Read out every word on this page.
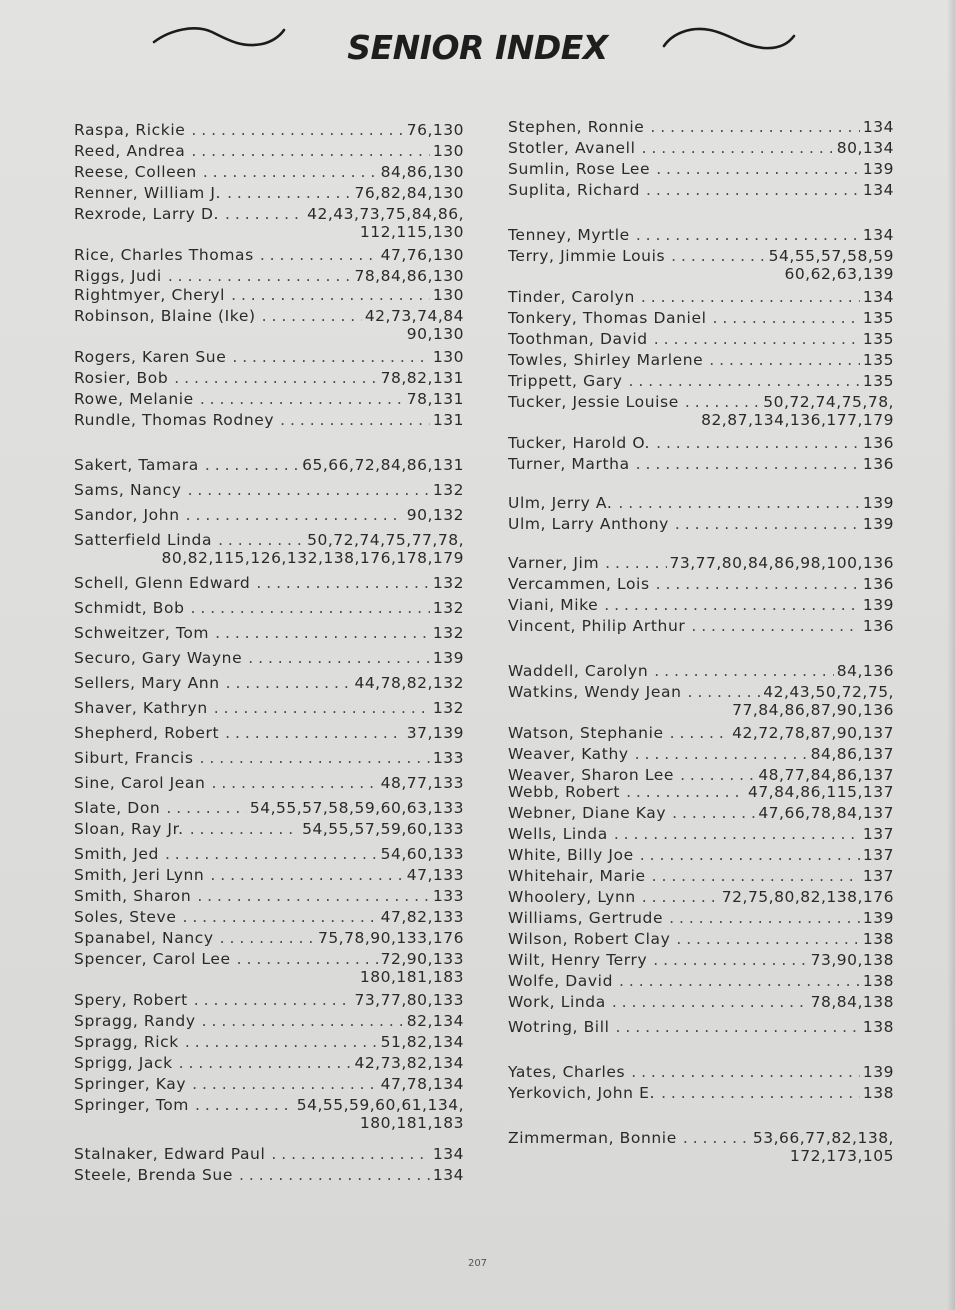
SENIOR INDEX
Raspa, Rickie . . .	76,130
Reed, Andrea . . .	130
Reese, Colleen . . .	84,86,130
Renner, William J. . . .	76,82,84,130
Rexrode, Larry D. . . .	42,43,73,75,84,86,
112,115,130
Rice, Charles Thomas . . .	47,76,130
Riggs, Judi . . .	78,84,86,130
Rightmyer, Cheryl . . .	130
Robinson, Blaine (Ike) . . .	42,73,74,84
90,130
Rogers, Karen Sue . . .	130
Rosier, Bob . . .	78,82,131
Rowe, Melanie . . .	78,131
Rundle, Thomas Rodney . . .	131
Sakert, Tamara . . .	65,66,72,84,86,131
Sams, Nancy . . .	132
Sandor, John . . .	90,132
Satterfield Linda . . .	50,72,74,75,77,78,
80,82,115,126,132,138,176,178,179
Schell, Glenn Edward . . .	132
Schmidt, Bob . . .	132
Schweitzer, Tom . . .	132
Securo, Gary Wayne . . .	139
Sellers, Mary Ann . . .	44,78,82,132
Shaver, Kathryn . . .	132
Shepherd, Robert . . .	37,139
Siburt, Francis . . .	133
Sine, Carol Jean . . .	48,77,133
Slate, Don . . .	54,55,57,58,59,60,63,133
Sloan, Ray Jr. . . .	54,55,57,59,60,133
Smith, Jed . . .	54,60,133
Smith, Jeri Lynn . . .	47,133
Smith, Sharon . . .	133
Soles, Steve . . .	47,82,133
Spanabel, Nancy . . .	75,78,90,133,176
Spencer, Carol Lee . . .	72,90,133
180,181,183
Spery, Robert . . .	73,77,80,133
Spragg, Randy . . .	82,134
Spragg, Rick . . .	51,82,134
Sprigg, Jack . . .	42,73,82,134
Springer, Kay . . .	47,78,134
Springer, Tom . . .	54,55,59,60,61,134,
180,181,183
Stalnaker, Edward Paul . . .	134
Steele, Brenda Sue . . .	134
Stephen, Ronnie . . .	134
Stotler, Avanell . . .	80,134
Sumlin, Rose Lee . . .	139
Suplita, Richard . . .	134
Tenney, Myrtle . . .	134
Terry, Jimmie Louis . . .	54,55,57,58,59
60,62,63,139
Tinder, Carolyn . . .	134
Tonkery, Thomas Daniel . . .	135
Toothman, David . . .	135
Towles, Shirley Marlene . . .	135
Trippett, Gary . . .	135
Tucker, Jessie Louise . . .	50,72,74,75,78,
82,87,134,136,177,179
Tucker, Harold O. . . .	136
Turner, Martha . . .	136
Ulm, Jerry A. . . .	139
Ulm, Larry Anthony . . .	139
Varner, Jim . . .	73,77,80,84,86,98,100,136
Vercammen, Lois . . .	136
Viani, Mike . . .	139
Vincent, Philip Arthur . . .	136
Waddell, Carolyn . . .	84,136
Watkins, Wendy Jean . . .	42,43,50,72,75,
77,84,86,87,90,136
Watson, Stephanie . . .	42,72,78,87,90,137
Weaver, Kathy . . .	84,86,137
Weaver, Sharon Lee . . .	48,77,84,86,137
Webb, Robert . . .	47,84,86,115,137
Webner, Diane Kay . . .	47,66,78,84,137
Wells, Linda . . .	137
White, Billy Joe . . .	137
Whitehair, Marie . . .	137
Whoolery, Lynn . . .	72,75,80,82,138,176
Williams, Gertrude . . .	139
Wilson, Robert Clay . . .	138
Wilt, Henry Terry . . .	73,90,138
Wolfe, David . . .	138
Work, Linda . . .	78,84,138
Wotring, Bill . . .	138
Yates, Charles . . .	139
Yerkovich, John E. . . .	138
Zimmerman, Bonnie . . .	53,66,77,82,138,
172,173,105
207
